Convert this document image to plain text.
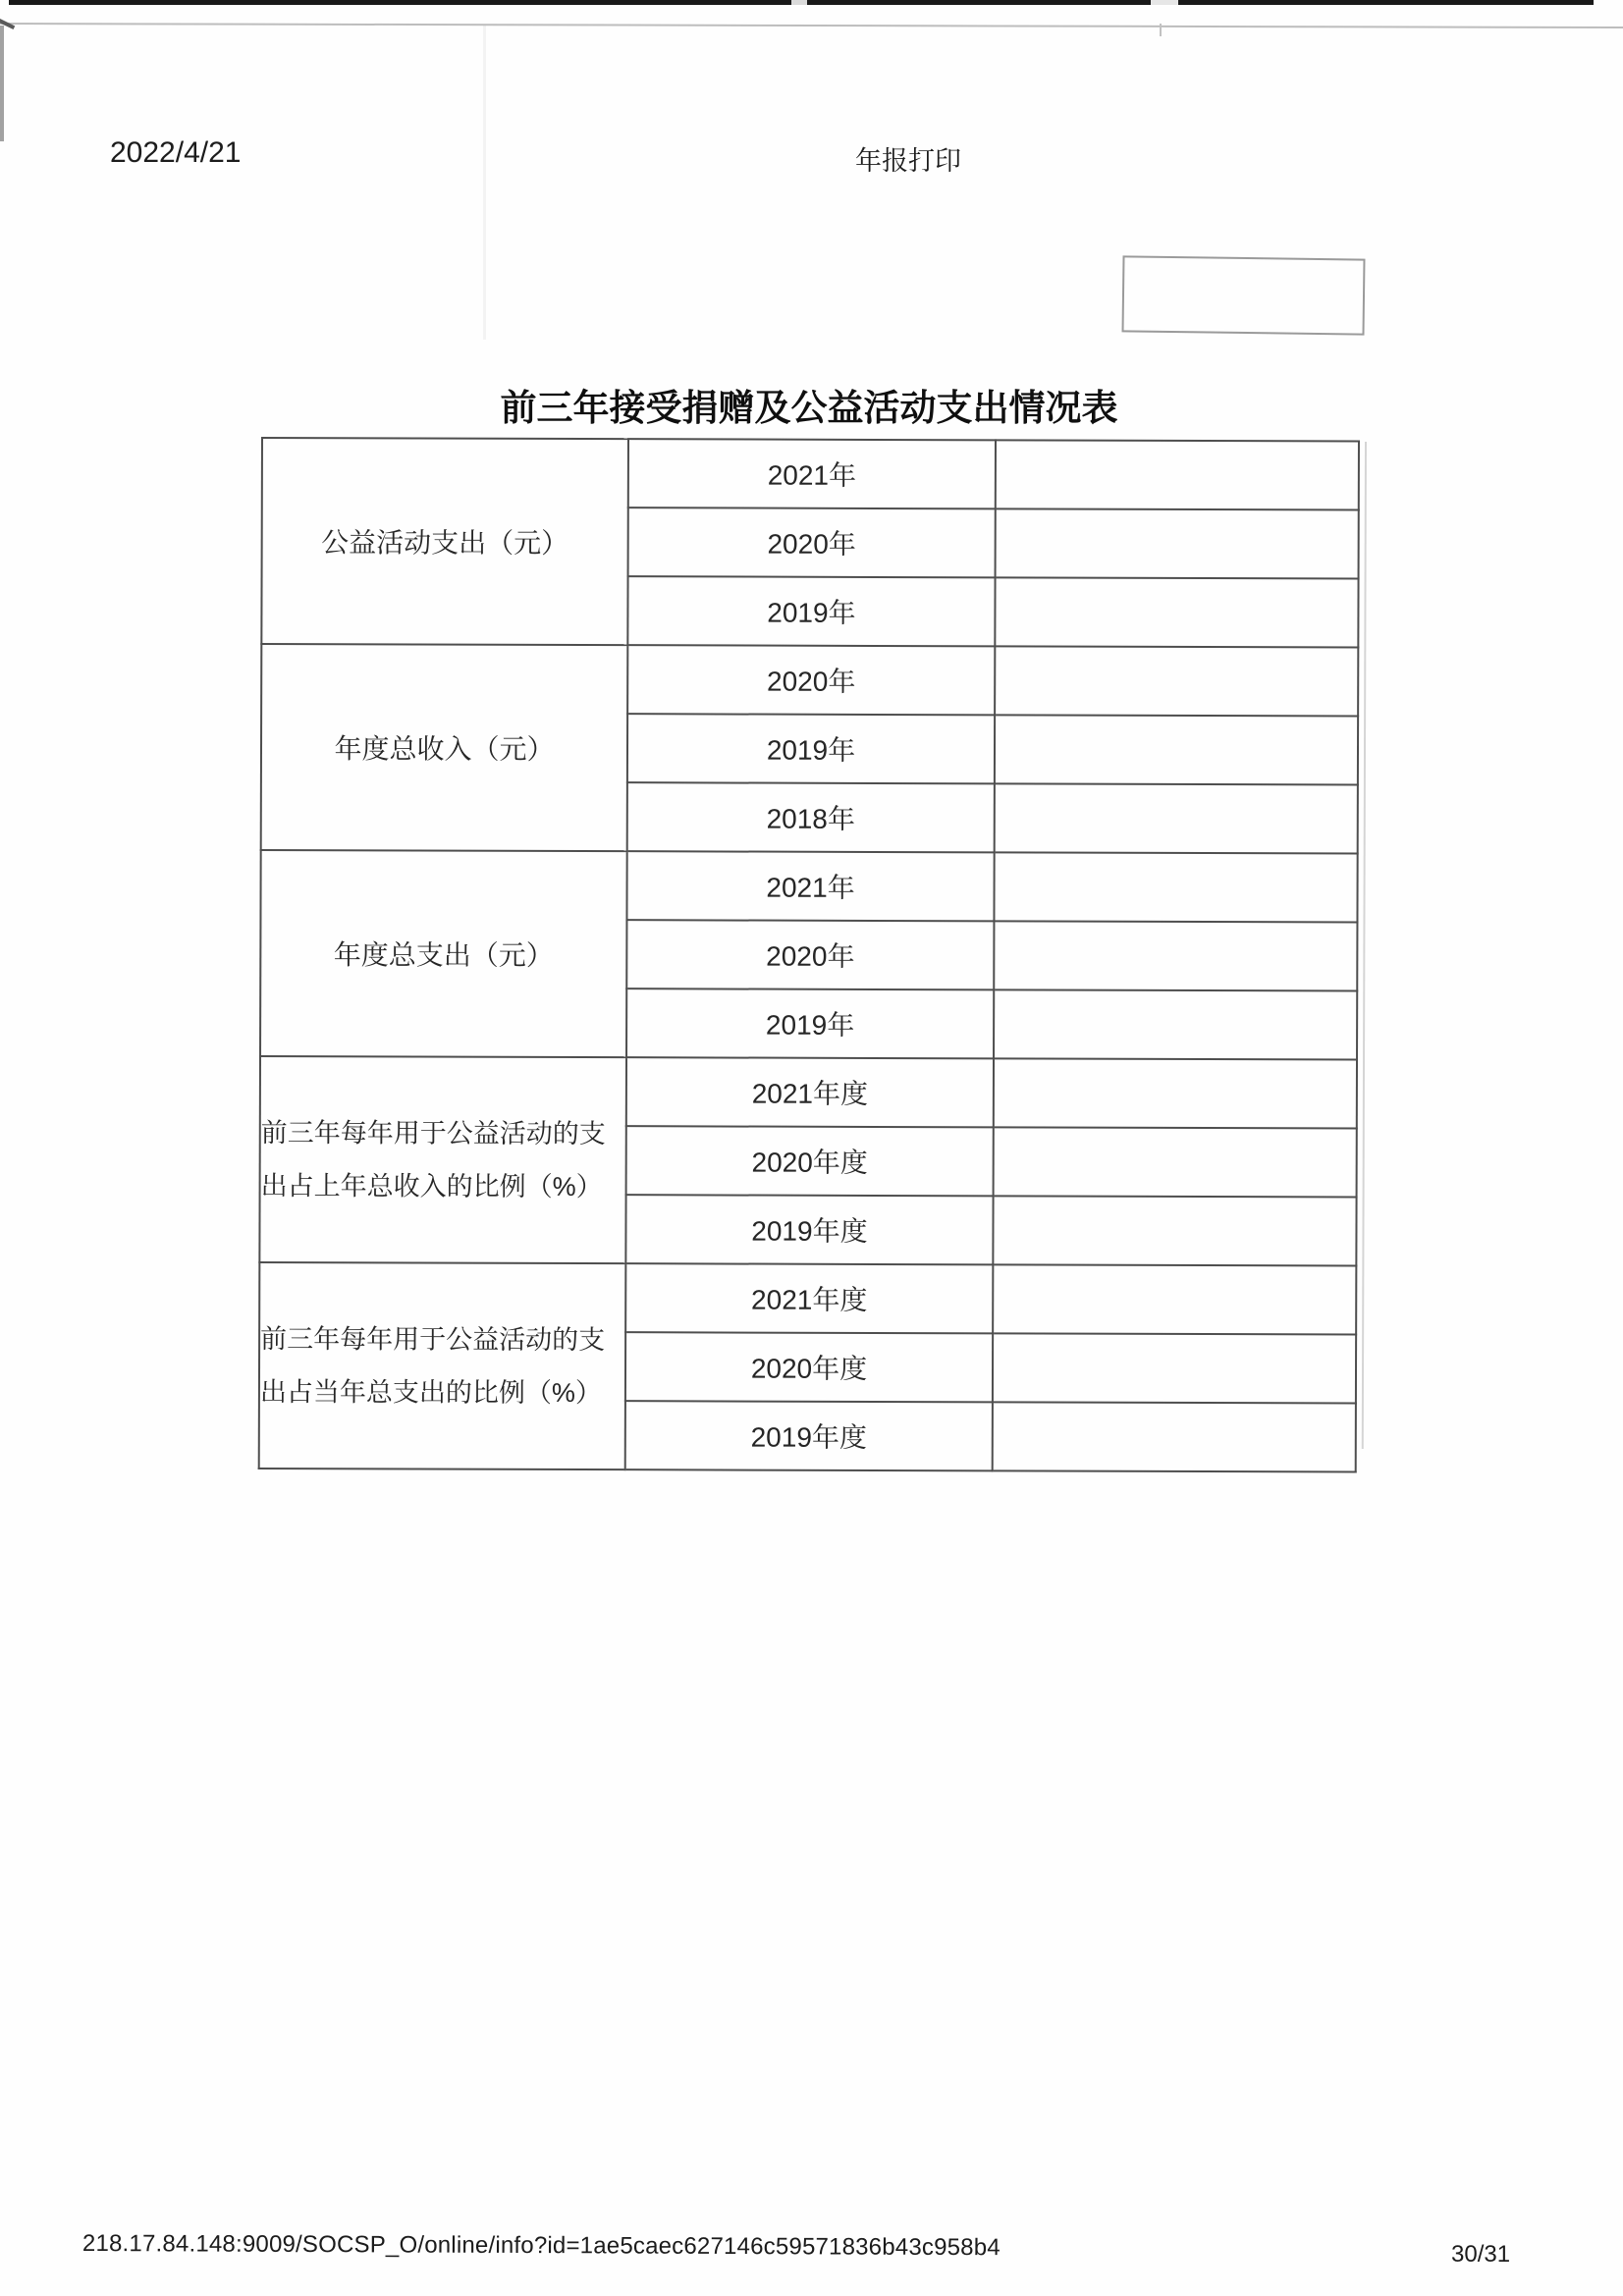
2022/4/21	年报打印
前三年接受捐赠及公益活动支出情况表
公益活动支出（元）	2021年	
	2020年	
	2019年	
年度总收入（元）	2020年	
	2019年	
	2018年	
年度总支出（元）	2021年	
	2020年	
	2019年	
前三年每年用于公益活动的支出占上年总收入的比例（%）	2021年度	
	2020年度	
	2019年度	
前三年每年用于公益活动的支出占当年总支出的比例（%）	2021年度	
	2020年度	
	2019年度	
218.17.84.148:9009/SOCSP_O/online/info?id=1ae5caec627146c59571836b43c958b4	30/31
